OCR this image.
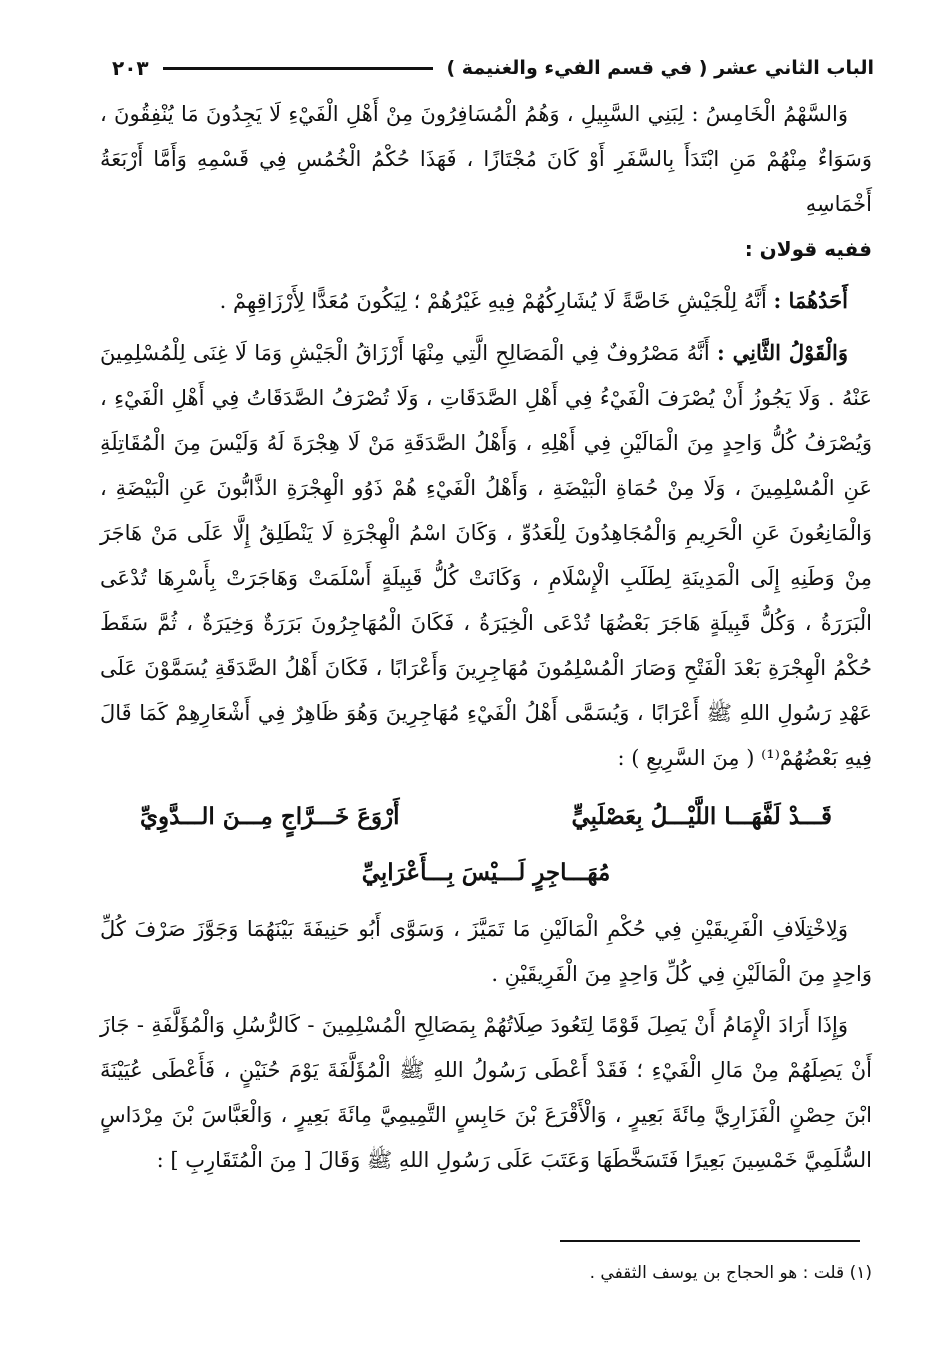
الباب الثاني عشر ( في قسم الفيء والغنيمة )
٢٠٣

وَالسَّهْمُ الْخَامِسُ : لِبَنِي السَّبِيلِ ، وَهُمُ الْمُسَافِرُونَ مِنْ أَهْلِ الْفَيْءِ لَا يَجِدُونَ مَا يُنْفِقُونَ ، وَسَوَاءٌ مِنْهُمْ مَنِ ابْتَدَأَ بِالسَّفَرِ أَوْ كَانَ مُجْتَازًا ، فَهَذَا حُكْمُ الْخُمُسِ فِي قَسْمِهِ وَأَمَّا أَرْبَعَةُ أَخْمَاسِهِ

ففيه قولان :

أَحَدُهُمَا : أَنَّهُ لِلْجَيْشِ خَاصَّةً لَا يُشَارِكُهُمْ فِيهِ غَيْرُهُمْ ؛ لِيَكُونَ مُعَدًّا لِأَرْزَاقِهِمْ .

وَالْقَوْلُ الثَّانِي : أَنَّهُ مَصْرُوفٌ فِي الْمَصَالِحِ الَّتِي مِنْهَا أَرْزَاقُ الْجَيْشِ وَمَا لَا غِنَى لِلْمُسْلِمِينَ عَنْهُ . وَلَا يَجُوزُ أَنْ يُصْرَفَ الْفَيْءُ فِي أَهْلِ الصَّدَقَاتِ ، وَلَا تُصْرَفُ الصَّدَقَاتُ فِي أَهْلِ الْفَيْءِ ، وَيُصْرَفُ كُلُّ وَاحِدٍ مِنَ الْمَالَيْنِ فِي أَهْلِهِ ، وَأَهْلُ الصَّدَقَةِ مَنْ لَا هِجْرَةَ لَهُ وَلَيْسَ مِنَ الْمُقَاتِلَةِ عَنِ الْمُسْلِمِينَ ، وَلَا مِنْ حُمَاةِ الْبَيْضَةِ ، وَأَهْلُ الْفَيْءِ هُمْ ذَوُو الْهِجْرَةِ الذَّابُّونَ عَنِ الْبَيْضَةِ ، وَالْمَانِعُونَ عَنِ الْحَرِيمِ وَالْمُجَاهِدُونَ لِلْعَدُوِّ ، وَكَانَ اسْمُ الْهِجْرَةِ لَا يَنْطَلِقُ إِلَّا عَلَى مَنْ هَاجَرَ مِنْ وَطَنِهِ إِلَى الْمَدِينَةِ لِطَلَبِ الْإِسْلَامِ ، وَكَانَتْ كُلُّ قَبِيلَةٍ أَسْلَمَتْ وَهَاجَرَتْ بِأَسْرِهَا تُدْعَى الْبَرَرَةُ ، وَكُلُّ قَبِيلَةٍ هَاجَرَ بَعْضُهَا تُدْعَى الْخِيَرَةُ ، فَكَانَ الْمُهَاجِرُونَ بَرَرَةٌ وَخِيَرَةٌ ، ثُمَّ سَقَطَ حُكْمُ الْهِجْرَةِ بَعْدَ الْفَتْحِ وَصَارَ الْمُسْلِمُونَ مُهَاجِرِينَ وَأَعْرَابًا ، فَكَانَ أَهْلُ الصَّدَقَةِ يُسَمَّوْنَ عَلَى عَهْدِ رَسُولِ اللهِ ﷺ أَعْرَابًا ، وَيُسَمَّى أَهْلُ الْفَيْءِ مُهَاجِرِينَ وَهُوَ ظَاهِرٌ فِي أَشْعَارِهِمْ كَمَا قَالَ فِيهِ بَعْضُهُمْ⁽¹⁾ ( مِنَ السَّرِيعِ ) :

قَـــدْ لَفَّهَـــا اللَّيْـــلُ بِعَصْلَبِيٍّ
أَرْوَعَ خَـــرَّاجٍ مِـــنَ الـــدَّوِيِّ
مُهَـــاجِرٍ لَـــيْسَ بِـــأَعْرَابِيِّ

وَلِاخْتِلَافِ الْفَرِيقَيْنِ فِي حُكْمِ الْمَالَيْنِ مَا تَمَيَّزَ ، وَسَوَّى أَبُو حَنِيفَةَ بَيْنَهُمَا وَجَوَّزَ صَرْفَ كُلِّ وَاحِدٍ مِنَ الْمَالَيْنِ فِي كُلِّ وَاحِدٍ مِنَ الْفَرِيقَيْنِ .

وَإِذَا أَرَادَ الْإِمَامُ أَنْ يَصِلَ قَوْمًا لِتَعُودَ صِلَاتُهُمْ بِمَصَالِحِ الْمُسْلِمِينَ - كَالرُّسُلِ وَالْمُؤَلَّفَةِ - جَازَ أَنْ يَصِلَهُمْ مِنْ مَالِ الْفَيْءِ ؛ فَقَدْ أَعْطَى رَسُولُ اللهِ ﷺ الْمُؤَلَّفَةَ يَوْمَ حُنَيْنٍ ، فَأَعْطَى عُيَيْنَةَ ابْنَ حِصْنٍ الْفَزَارِيَّ مِائَةَ بَعِيرٍ ، وَالْأَقْرَعَ بْنَ حَابِسٍ التَّمِيمِيَّ مِائَةَ بَعِيرٍ ، وَالْعَبَّاسَ بْنَ مِرْدَاسٍ السُّلَمِيَّ خَمْسِينَ بَعِيرًا فَتَسَخَّطَهَا وَعَتَبَ عَلَى رَسُولِ اللهِ ﷺ وَقَالَ [ مِنَ الْمُتَقَارِبِ ] :

(١) قلت : هو الحجاج بن يوسف الثقفي .
